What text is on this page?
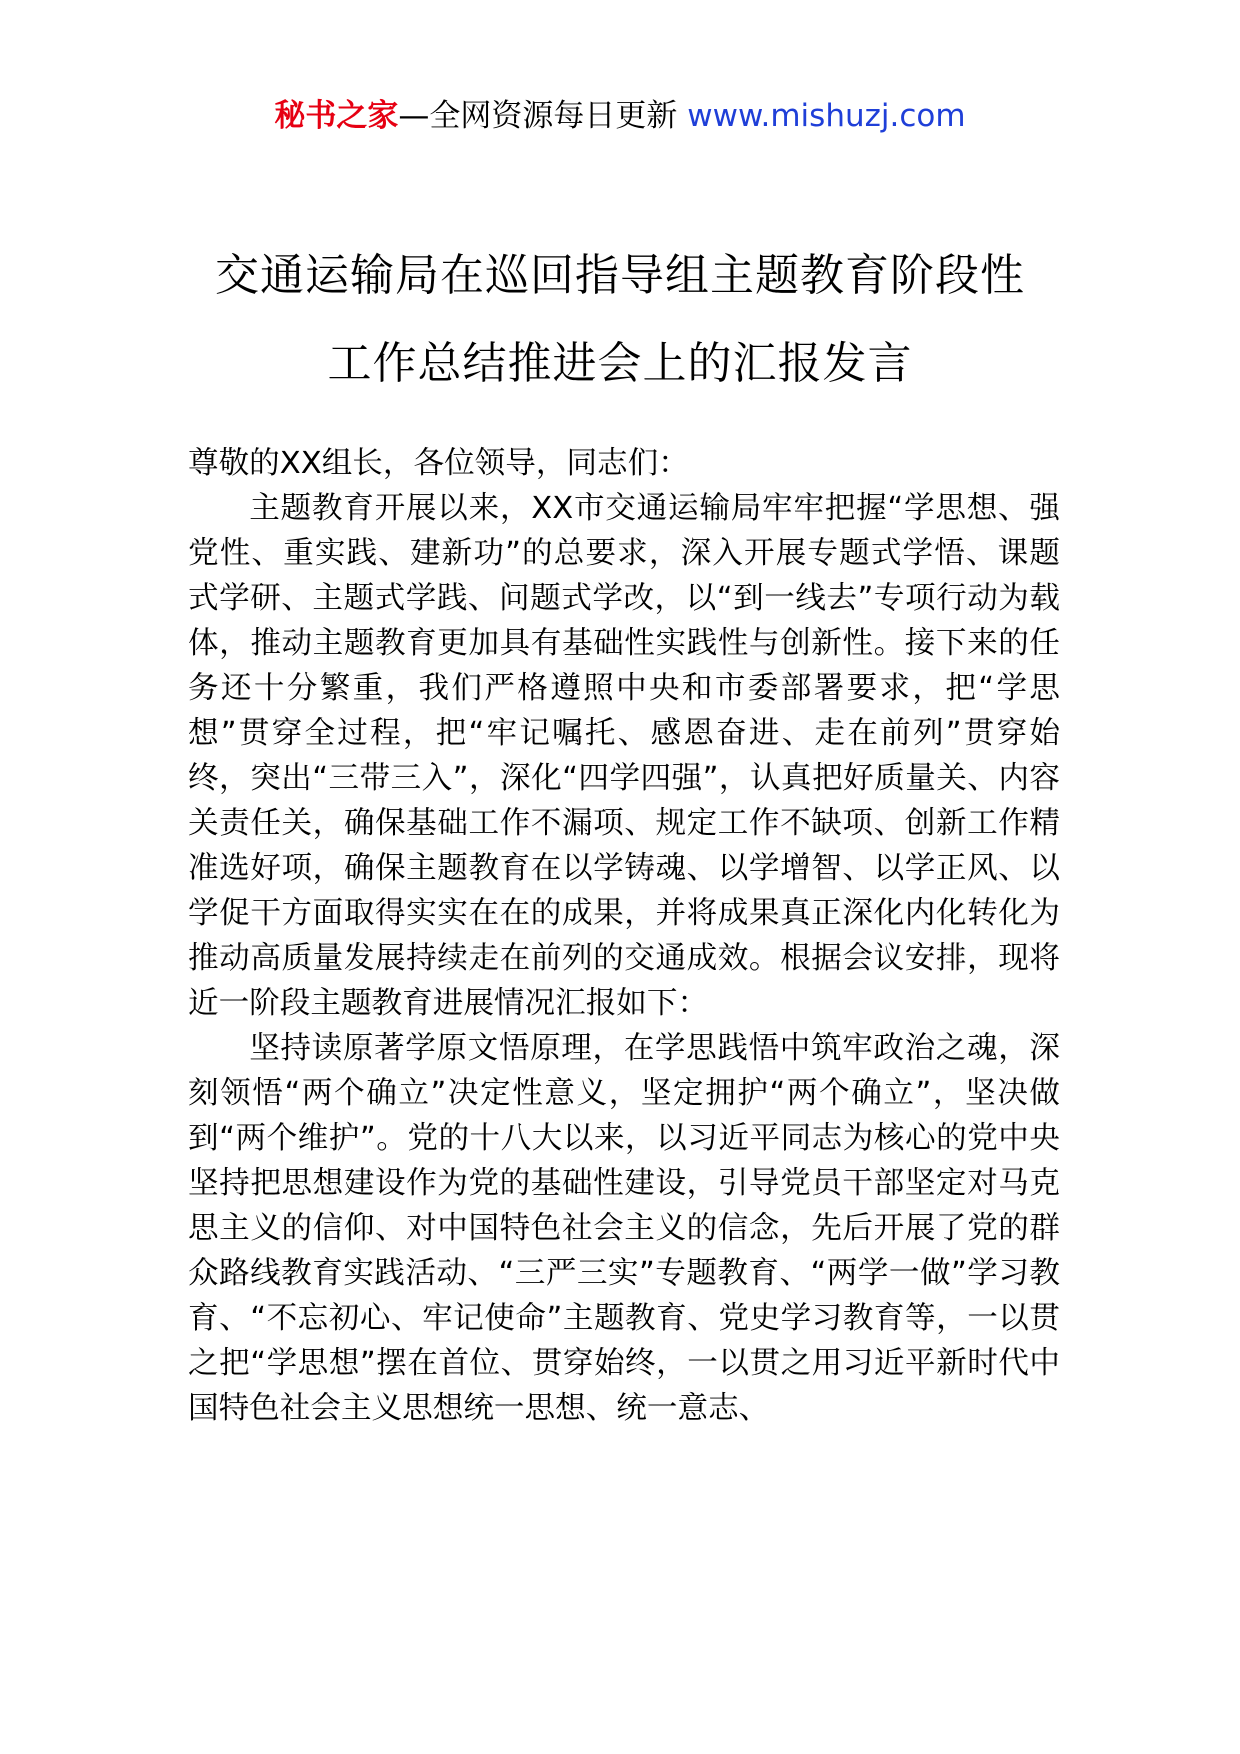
秘书之家—全网资源每日更新 www.mishuzj.com
交通运输局在巡回指导组主题教育阶段性
工作总结推进会上的汇报发言

尊敬的XX组长，各位领导，同志们：

主题教育开展以来，XX市交通运输局牢牢把握“学思想、强党性、重实践、建新功”的总要求，深入开展专题式学悟、课题式学研、主题式学践、问题式学改，以“到一线去”专项行动为载体，推动主题教育更加具有基础性实践性与创新性。接下来的任务还十分繁重，我们严格遵照中央和市委部署要求，把“学思想”贯穿全过程，把“牢记嘱托、感恩奋进、走在前列”贯穿始终，突出“三带三入”，深化“四学四强”，认真把好质量关、内容关责任关，确保基础工作不漏项、规定工作不缺项、创新工作精准选好项，确保主题教育在以学铸魂、以学增智、以学正风、以学促干方面取得实实在在的成果，并将成果真正深化内化转化为推动高质量发展持续走在前列的交通成效。根据会议安排，现将近一阶段主题教育进展情况汇报如下：

坚持读原著学原文悟原理，在学思践悟中筑牢政治之魂，深刻领悟“两个确立”决定性意义，坚定拥护“两个确立”，坚决做到“两个维护”。党的十八大以来，以习近平同志为核心的党中央坚持把思想建设作为党的基础性建设，引导党员干部坚定对马克思主义的信仰、对中国特色社会主义的信念，先后开展了党的群众路线教育实践活动、“三严三实”专题教育、“两学一做”学习教育、“不忘初心、牢记使命”主题教育、党史学习教育等，一以贯之把“学思想”摆在首位、贯穿始终，一以贯之用习近平新时代中国特色社会主义思想统一思想、统一意志、
